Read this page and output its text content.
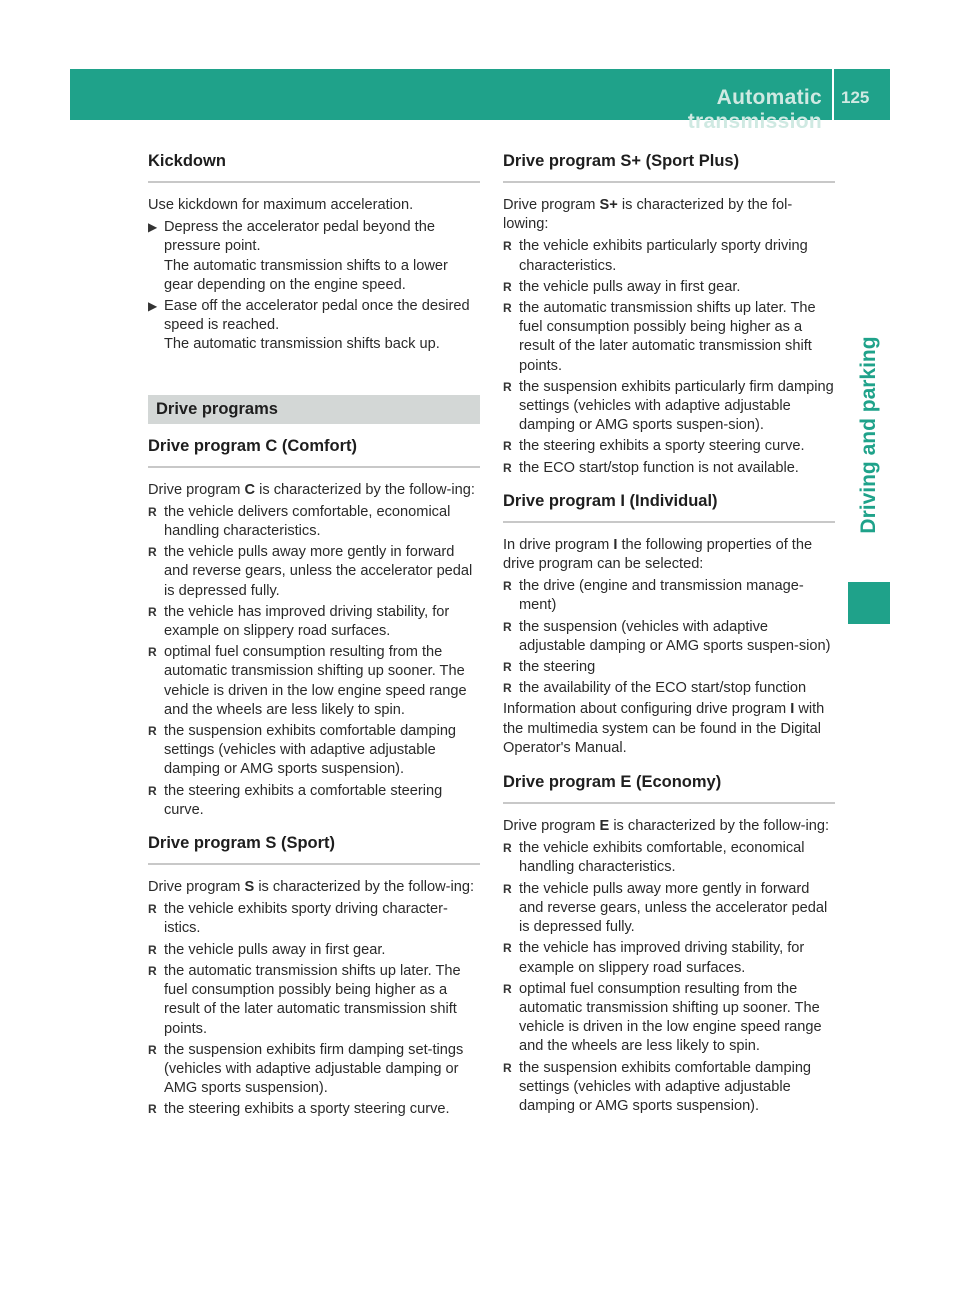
Automatic transmission
125
Driving and parking
Kickdown

Use kickdown for maximum acceleration.

▶ Depress the accelerator pedal beyond the pressure point.
The automatic transmission shifts to a lower gear depending on the engine speed.
▶ Ease off the accelerator pedal once the desired speed is reached.
The automatic transmission shifts back up.
Drive programs
Drive program C (Comfort)

Drive program C is characterized by the follow-ing:

R the vehicle delivers comfortable, economical handling characteristics.
R the vehicle pulls away more gently in forward and reverse gears, unless the accelerator pedal is depressed fully.
R the vehicle has improved driving stability, for example on slippery road surfaces.
R optimal fuel consumption resulting from the automatic transmission shifting up sooner. The vehicle is driven in the low engine speed range and the wheels are less likely to spin.
R the suspension exhibits comfortable damping settings (vehicles with adaptive adjustable damping or AMG sports suspension).
R the steering exhibits a comfortable steering curve.
Drive program S (Sport)

Drive program S is characterized by the follow-ing:

R the vehicle exhibits sporty driving character-istics.
R the vehicle pulls away in first gear.
R the automatic transmission shifts up later. The fuel consumption possibly being higher as a result of the later automatic transmission shift points.
R the suspension exhibits firm damping set-tings (vehicles with adaptive adjustable damping or AMG sports suspension).
R the steering exhibits a sporty steering curve.
Drive program S+ (Sport Plus)

Drive program S+ is characterized by the fol-lowing:

R the vehicle exhibits particularly sporty driving characteristics.
R the vehicle pulls away in first gear.
R the automatic transmission shifts up later. The fuel consumption possibly being higher as a result of the later automatic transmission shift points.
R the suspension exhibits particularly firm damping settings (vehicles with adaptive adjustable damping or AMG sports suspen-sion).
R the steering exhibits a sporty steering curve.
R the ECO start/stop function is not available.
Drive program I (Individual)

In drive program I the following properties of the drive program can be selected:

R the drive (engine and transmission manage-ment)
R the suspension (vehicles with adaptive adjustable damping or AMG sports suspen-sion)
R the steering
R the availability of the ECO start/stop function

Information about configuring drive program I with the multimedia system can be found in the Digital Operator's Manual.

Drive program E (Economy)

Drive program E is characterized by the follow-ing:

R the vehicle exhibits comfortable, economical handling characteristics.
R the vehicle pulls away more gently in forward and reverse gears, unless the accelerator pedal is depressed fully.
R the vehicle has improved driving stability, for example on slippery road surfaces.
R optimal fuel consumption resulting from the automatic transmission shifting up sooner. The vehicle is driven in the low engine speed range and the wheels are less likely to spin.
R the suspension exhibits comfortable damping settings (vehicles with adaptive adjustable damping or AMG sports suspension).
